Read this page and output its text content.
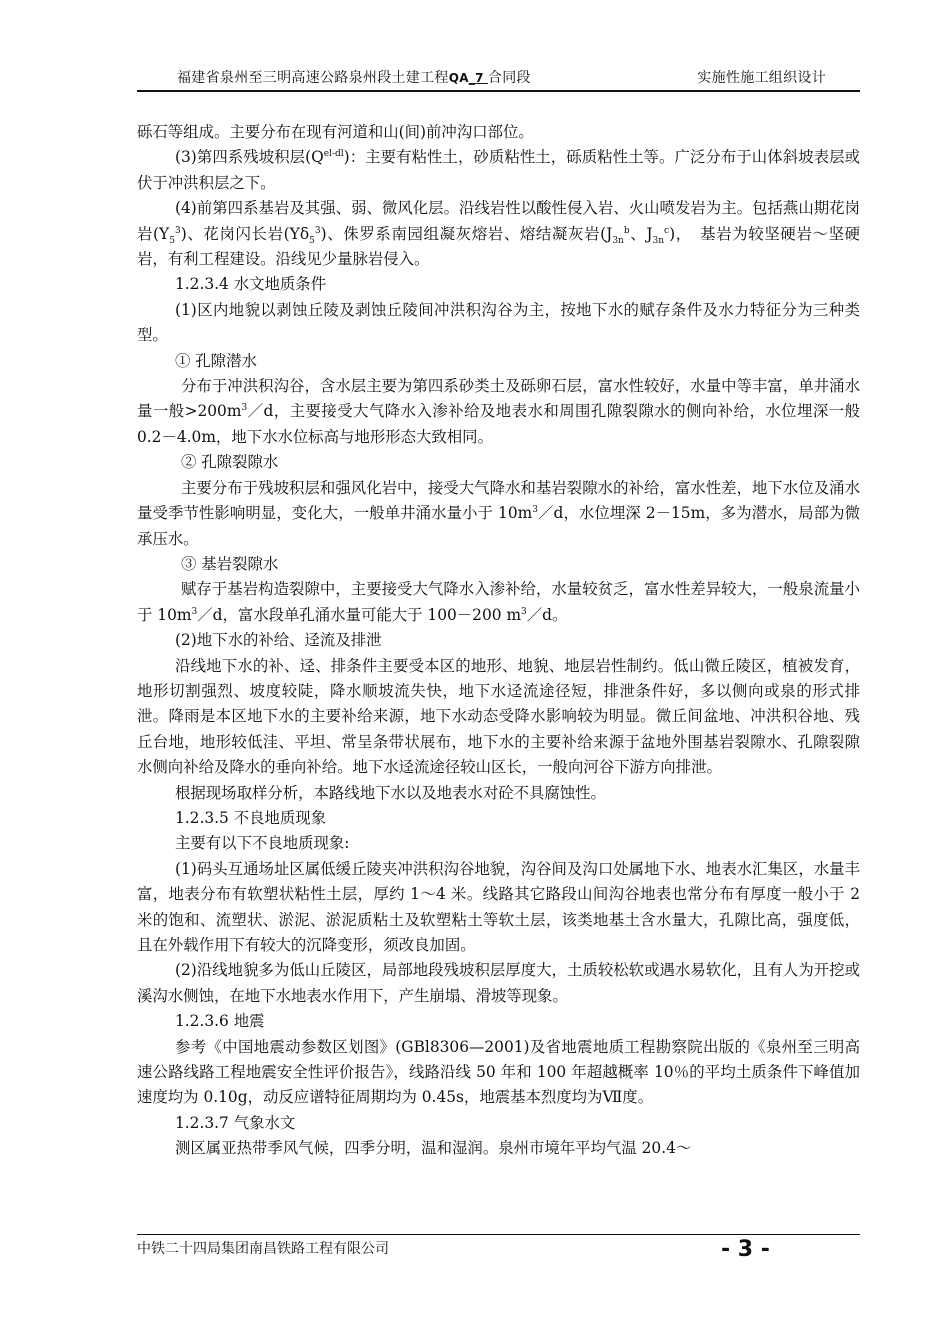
福建省泉州至三明高速公路泉州段土建工程QA_7 合同段	实施性施工组织设计

砾石等组成。主要分布在现有河道和山(间)前冲沟口部位。

(3)第四系残坡积层$(Q^{el-dl})$：主要有粘性土，砂质粘性土，砾质粘性土等。广泛分布于山体斜坡表层或伏于冲洪积层之下。

(4)前第四系基岩及其强、弱、微风化层。沿线岩性以酸性侵入岩、火山喷发岩为主。包括燕山期花岗岩$(Y_5^3)$、花岗闪长岩$(Y\delta_5^3)$、侏罗系南园组凝灰熔岩、熔结凝灰岩($J_{3n}^b$、$J_{3n}^c$)，　基岩为较坚硬岩～坚硬岩，有利工程建设。沿线见少量脉岩侵入。

1.2.3.4 水文地质条件

(1)区内地貌以剥蚀丘陵及剥蚀丘陵间冲洪积沟谷为主，按地下水的赋存条件及水力特征分为三种类型。

① 孔隙潜水

分布于冲洪积沟谷，含水层主要为第四系砂类土及砾卵石层，富水性较好，水量中等丰富，单井涌水量一般$>200m^3/d$，主要接受大气降水入渗补给及地表水和周围孔隙裂隙水的侧向补给，水位埋深一般 0.2－4.0m，地下水水位标高与地形形态大致相同。

② 孔隙裂隙水

主要分布于残坡积层和强风化岩中，接受大气降水和基岩裂隙水的补给，富水性差，地下水位及涌水量受季节性影响明显，变化大，一般单井涌水量小于 $10m^3/d$，水位埋深 2－15m，多为潜水，局部为微承压水。

③ 基岩裂隙水

赋存于基岩构造裂隙中，主要接受大气降水入渗补给，水量较贫乏，富水性差异较大，一般泉流量小于 $10m^3/d$，富水段单孔涌水量可能大于 100－200 $m^3/d$。

(2)地下水的补给、迳流及排泄

沿线地下水的补、迳、排条件主要受本区的地形、地貌、地层岩性制约。低山微丘陵区，植被发育，地形切割强烈、坡度较陡，降水顺坡流失快，地下水迳流途径短，排泄条件好，多以侧向或泉的形式排泄。降雨是本区地下水的主要补给来源，地下水动态受降水影响较为明显。微丘间盆地、冲洪积谷地、残丘台地，地形较低洼、平坦、常呈条带状展布，地下水的主要补给来源于盆地外围基岩裂隙水、孔隙裂隙水侧向补给及降水的垂向补给。地下水迳流途径较山区长，一般向河谷下游方向排泄。

根据现场取样分析，本路线地下水以及地表水对砼不具腐蚀性。

1.2.3.5 不良地质现象

主要有以下不良地质现象:

(1)码头互通场址区属低缓丘陵夹冲洪积沟谷地貌，沟谷间及沟口处属地下水、地表水汇集区，水量丰富，地表分布有软塑状粘性土层，厚约 1～4 米。线路其它路段山间沟谷地表也常分布有厚度一般小于 2 米的饱和、流塑状、淤泥、淤泥质粘土及软塑粘土等软土层，该类地基土含水量大，孔隙比高，强度低，且在外载作用下有较大的沉降变形，须改良加固。

(2)沿线地貌多为低山丘陵区，局部地段残坡积层厚度大，土质较松软或遇水易软化，且有人为开挖或溪沟水侧蚀，在地下水地表水作用下，产生崩塌、滑坡等现象。

1.2.3.6 地震

参考《中国地震动参数区划图》(GBl8306—2001)及省地震地质工程勘察院出版的《泉州至三明高速公路线路工程地震安全性评价报告》，线路沿线 50 年和 100 年超越概率 10％的平均土质条件下峰值加速度均为 0.10g，动反应谱特征周期均为 0.45s，地震基本烈度均为Ⅶ度。

1.2.3.7 气象水文

测区属亚热带季风气候，四季分明，温和湿润。泉州市境年平均气温 20.4～

中铁二十四局集团南昌铁路工程有限公司	- 3 -
